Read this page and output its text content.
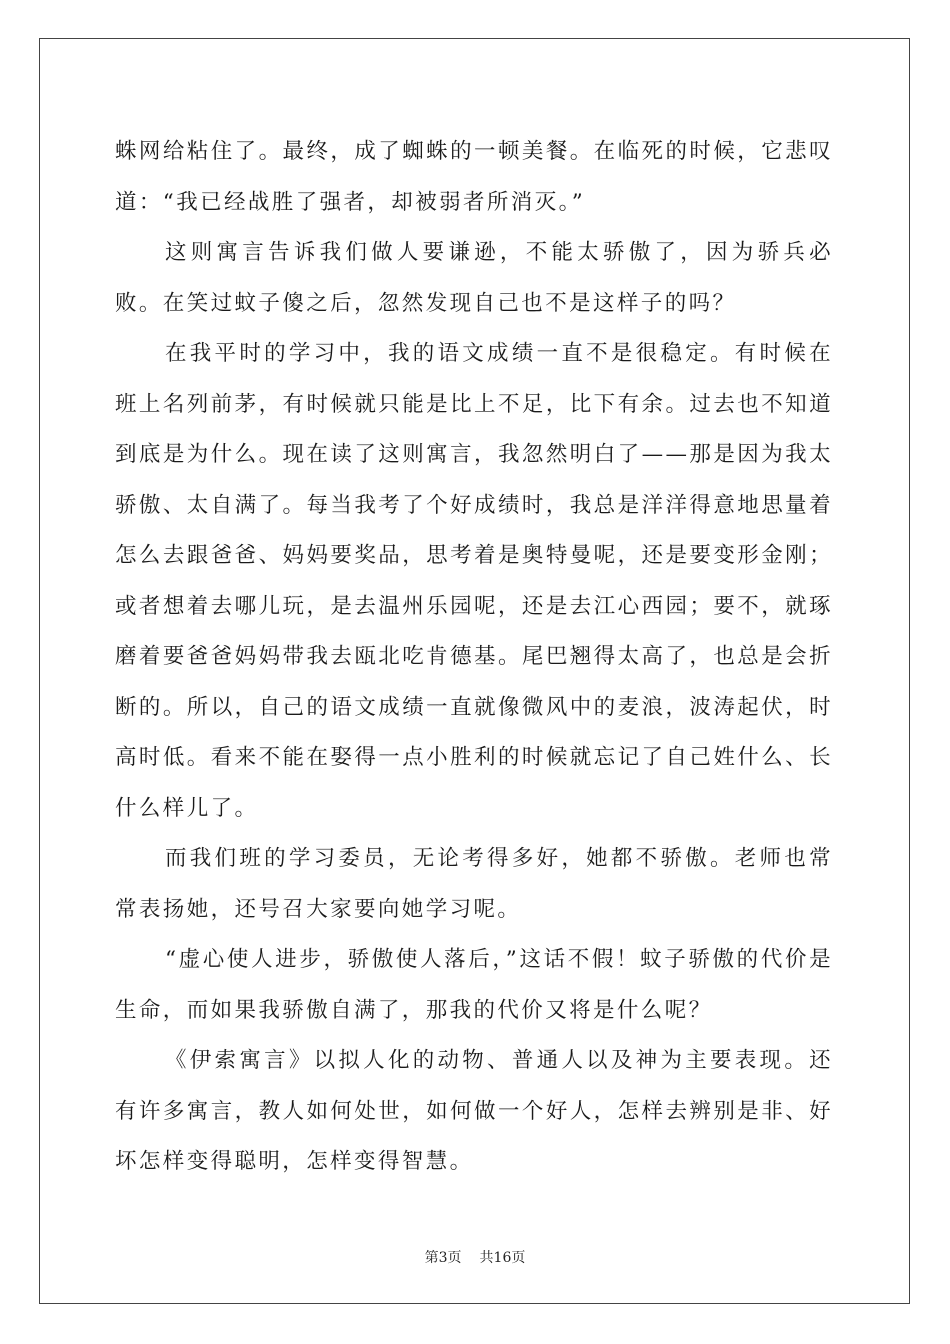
蛛网给粘住了。最终，成了蜘蛛的一顿美餐。在临死的时候，它悲叹道：“我已经战胜了强者，却被弱者所消灭。”

这则寓言告诉我们做人要谦逊，不能太骄傲了，因为骄兵必败。在笑过蚊子傻之后，忽然发现自己也不是这样子的吗？

在我平时的学习中，我的语文成绩一直不是很稳定。有时候在班上名列前茅，有时候就只能是比上不足，比下有余。过去也不知道到底是为什么。现在读了这则寓言，我忽然明白了——那是因为我太骄傲、太自满了。每当我考了个好成绩时，我总是洋洋得意地思量着怎么去跟爸爸、妈妈要奖品，思考着是奥特曼呢，还是要变形金刚；或者想着去哪儿玩，是去温州乐园呢，还是去江心西园；要不，就琢磨着要爸爸妈妈带我去瓯北吃肯德基。尾巴翘得太高了，也总是会折断的。所以，自己的语文成绩一直就像微风中的麦浪，波涛起伏，时高时低。看来不能在娶得一点小胜利的时候就忘记了自己姓什么、长什么样儿了。

而我们班的学习委员，无论考得多好，她都不骄傲。老师也常常表扬她，还号召大家要向她学习呢。

“虚心使人进步，骄傲使人落后，”这话不假！蚊子骄傲的代价是生命，而如果我骄傲自满了，那我的代价又将是什么呢？

《伊索寓言》以拟人化的动物、普通人以及神为主要表现。还有许多寓言，教人如何处世，如何做一个好人，怎样去辨别是非、好坏怎样变得聪明，怎样变得智慧。

第3页 共16页
